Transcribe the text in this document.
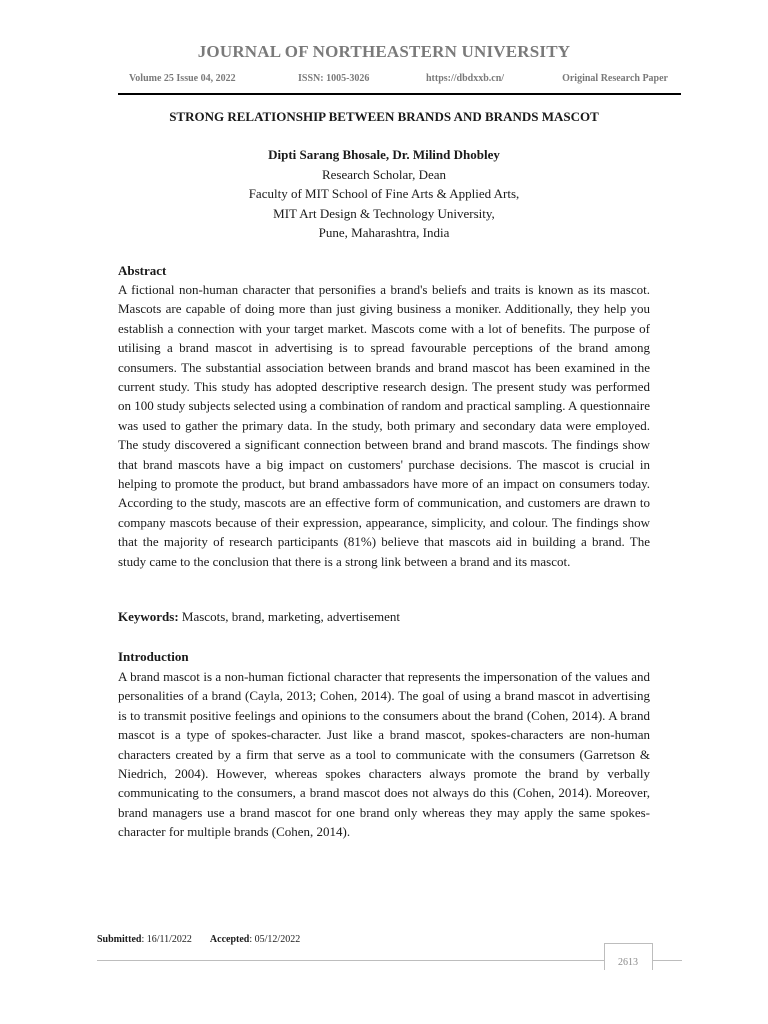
JOURNAL OF NORTHEASTERN UNIVERSITY
Volume 25 Issue 04, 2022	ISSN: 1005-3026	https://dbdxxb.cn/	Original Research Paper
STRONG RELATIONSHIP BETWEEN BRANDS AND BRANDS MASCOT
Dipti Sarang Bhosale, Dr. Milind Dhobley
Research Scholar, Dean
Faculty of MIT School of Fine Arts & Applied Arts,
MIT Art Design & Technology University,
Pune, Maharashtra, India
Abstract
A fictional non-human character that personifies a brand's beliefs and traits is known as its mascot. Mascots are capable of doing more than just giving business a moniker. Additionally, they help you establish a connection with your target market. Mascots come with a lot of benefits. The purpose of utilising a brand mascot in advertising is to spread favourable perceptions of the brand among consumers. The substantial association between brands and brand mascot has been examined in the current study. This study has adopted descriptive research design. The present study was performed on 100 study subjects selected using a combination of random and practical sampling. A questionnaire was used to gather the primary data. In the study, both primary and secondary data were employed. The study discovered a significant connection between brand and brand mascots. The findings show that brand mascots have a big impact on customers' purchase decisions. The mascot is crucial in helping to promote the product, but brand ambassadors have more of an impact on consumers today. According to the study, mascots are an effective form of communication, and customers are drawn to company mascots because of their expression, appearance, simplicity, and colour. The findings show that the majority of research participants (81%) believe that mascots aid in building a brand. The study came to the conclusion that there is a strong link between a brand and its mascot.
Keywords: Mascots, brand, marketing, advertisement
Introduction
A brand mascot is a non-human fictional character that represents the impersonation of the values and personalities of a brand (Cayla, 2013; Cohen, 2014). The goal of using a brand mascot in advertising is to transmit positive feelings and opinions to the consumers about the brand (Cohen, 2014). A brand mascot is a type of spokes-character. Just like a brand mascot, spokes-characters are non-human characters created by a firm that serve as a tool to communicate with the consumers (Garretson & Niedrich, 2004). However, whereas spokes characters always promote the brand by verbally communicating to the consumers, a brand mascot does not always do this (Cohen, 2014). Moreover, brand managers use a brand mascot for one brand only whereas they may apply the same spokes-character for multiple brands (Cohen, 2014).
Submitted: 16/11/2022 Accepted: 05/12/2022
2613
